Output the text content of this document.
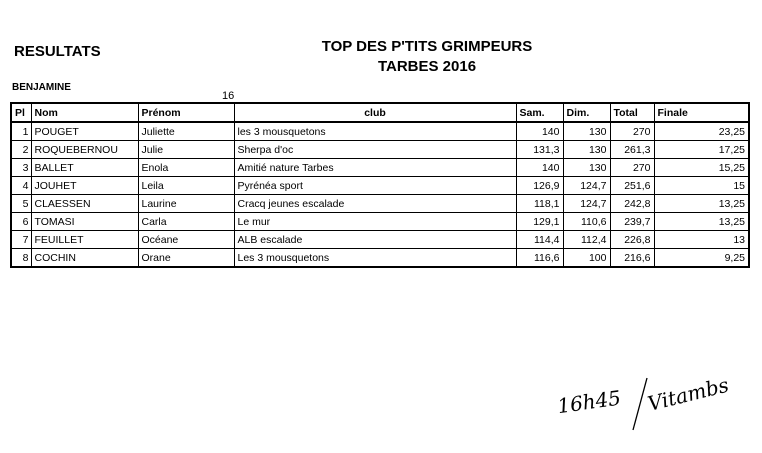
RESULTATS	TOP DES P'TITS GRIMPEURS
TARBES 2016
BENJAMINE
16
Pl	Nom	Prénom	club	Sam.	Dim.	Total	Finale
1	POUGET	Juliette	les 3 mousquetons	140	130	270	23,25
2	ROQUEBERNOU	Julie	Sherpa d'oc	131,3	130	261,3	17,25
3	BALLET	Enola	Amitié nature Tarbes	140	130	270	15,25
4	JOUHET	Leila	Pyrénéa sport	126,9	124,7	251,6	15
5	CLAESSEN	Laurine	Cracq jeunes escalade	118,1	124,7	242,8	13,25
6	TOMASI	Carla	Le mur	129,1	110,6	239,7	13,25
7	FEUILLET	Océane	ALB escalade	114,4	112,4	226,8	13
8	COCHIN	Orane	Les 3 mousquetons	116,6	100	216,6	9,25
16h45 Vitambs
